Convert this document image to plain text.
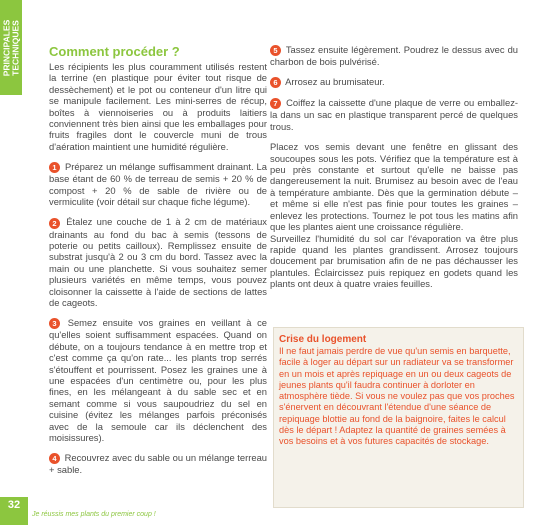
PRINCIPALES TECHNIQUES Comment procéder ?

Les récipients les plus couramment utilisés restent la terrine (en plastique pour éviter tout risque de dessèchement) et le pot ou conteneur d'un litre qui se manipule facilement. Les mini-serres de récup, boîtes à viennoiseries ou à produits laitiers conviennent très bien ainsi que les emballages pour fruits fragiles dont le couvercle muni de trous d'aération maintient une humidité régulière.

1 Préparez un mélange suffisamment drainant. La base étant de 60 % de terreau de semis + 20 % de compost + 20 % de sable de rivière ou de vermiculite (voir détail sur chaque fiche légume).

2 Étalez une couche de 1 à 2 cm de matériaux drainants au fond du bac à semis (tessons de poterie ou petits cailloux). Remplissez ensuite de substrat jusqu'à 2 ou 3 cm du bord. Tassez avec la main ou une planchette. Si vous souhaitez semer plusieurs variétés en même temps, vous pouvez cloisonner la caissette à l'aide de sections de lattes de cageots.

3 Semez ensuite vos graines en veillant à ce qu'elles soient suffisamment espacées. Quand on débute, on a toujours tendance à en mettre trop et c'est comme ça qu'on rate... les plants trop serrés s'étouffent et pourrissent. Posez les graines une à une espacées d'un centimètre ou, pour les plus fines, en les mélangeant à du sable sec et en semant comme si vous saupoudriez du sel en cuisine (évitez les mélanges parfois préconisés avec de la semoule car ils déclenchent des moisissures).

4 Recouvrez avec du sable ou un mélange terreau + sable.

5 Tassez ensuite légèrement. Poudrez le dessus avec du charbon de bois pulvérisé.

6 Arrosez au brumisateur.

7 Coiffez la caissette d'une plaque de verre ou emballez-la dans un sac en plastique transparent percé de quelques trous.

Placez vos semis devant une fenêtre en glissant des soucoupes sous les pots. Vérifiez que la température est à peu près constante et surtout qu'elle ne baisse pas dangereusement la nuit. Brumisez au besoin avec de l'eau à température ambiante. Dès que la germination débute – et même si elle n'est pas finie pour toutes les graines – enlevez les protections. Tournez le pot tous les matins afin que les plantes aient une croissance régulière.

Surveillez l'humidité du sol car l'évaporation va être plus rapide quand les plantes grandissent. Arrosez toujours doucement par brumisation afin de ne pas déchausser les plantules. Éclaircissez puis repiquez en godets quand les plants ont deux à quatre vraies feuilles.

Crise du logement

Il ne faut jamais perdre de vue qu'un semis en barquette, facile à loger au départ sur un radiateur va se transformer en un mois et après repiquage en un ou deux cageots de jeunes plants qu'il faudra continuer à dorloter en atmosphère tiède. Si vous ne voulez pas que vos proches s'énervent en découvrant l'étendue d'une séance de repiquage blottie au fond de la baignoire, faites le calcul dès le départ ! Adaptez la quantité de graines semées à vos besoins et à vos futures capacités de stockage.

32
Je réussis mes plants du premier coup !
